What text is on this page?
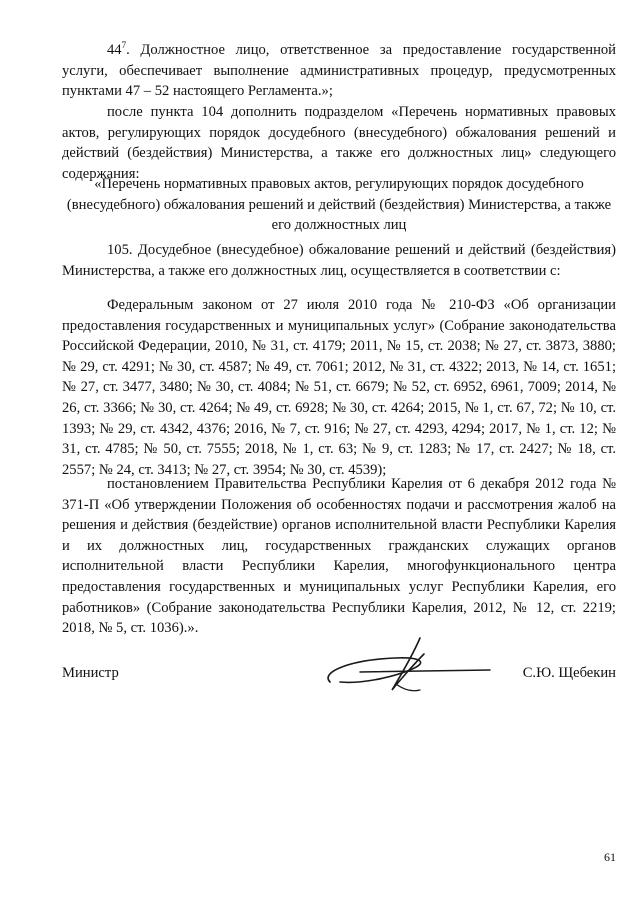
$44^7$. Должностное лицо, ответственное за предоставление государственной услуги, обеспечивает выполнение административных процедур, предусмотренных пунктами 47 – 52 настоящего Регламента.»;
после пункта 104 дополнить подразделом «Перечень нормативных правовых актов, регулирующих порядок досудебного (внесудебного) обжалования решений и действий (бездействия) Министерства, а также его должностных лиц» следующего содержания:
«Перечень нормативных правовых актов, регулирующих порядок досудебного (внесудебного) обжалования решений и действий (бездействия) Министерства, а также его должностных лиц
105. Досудебное (внесудебное) обжалование решений и действий (бездействия) Министерства, а также его должностных лиц, осуществляется в соответствии с:
Федеральным законом от 27 июля 2010 года № 210-ФЗ «Об организации предоставления государственных и муниципальных услуг» (Собрание законодательства Российской Федерации, 2010, № 31, ст. 4179; 2011, № 15, ст. 2038; № 27, ст. 3873, 3880; № 29, ст. 4291; № 30, ст. 4587; № 49, ст. 7061; 2012, № 31, ст. 4322; 2013, № 14, ст. 1651; № 27, ст. 3477, 3480; № 30, ст. 4084; № 51, ст. 6679; № 52, ст. 6952, 6961, 7009; 2014, № 26, ст. 3366; № 30, ст. 4264; № 49, ст. 6928; № 30, ст. 4264; 2015, № 1, ст. 67, 72; № 10, ст. 1393; № 29, ст. 4342, 4376; 2016, № 7, ст. 916; № 27, ст. 4293, 4294; 2017, № 1, ст. 12; № 31, ст. 4785; № 50, ст. 7555; 2018, № 1, ст. 63; № 9, ст. 1283; № 17, ст. 2427; № 18, ст. 2557; № 24, ст. 3413; № 27, ст. 3954; № 30, ст. 4539);
постановлением Правительства Республики Карелия от 6 декабря 2012 года № 371-П «Об утверждении Положения об особенностях подачи и рассмотрения жалоб на решения и действия (бездействие) органов исполнительной власти Республики Карелия и их должностных лиц, государственных гражданских служащих органов исполнительной власти Республики Карелия, многофункционального центра предоставления государственных и муниципальных услуг Республики Карелия, его работников» (Собрание законодательства Республики Карелия, 2012, № 12, ст. 2219; 2018, № 5, ст. 1036).».
Министр	С.Ю. Щебекин
61
